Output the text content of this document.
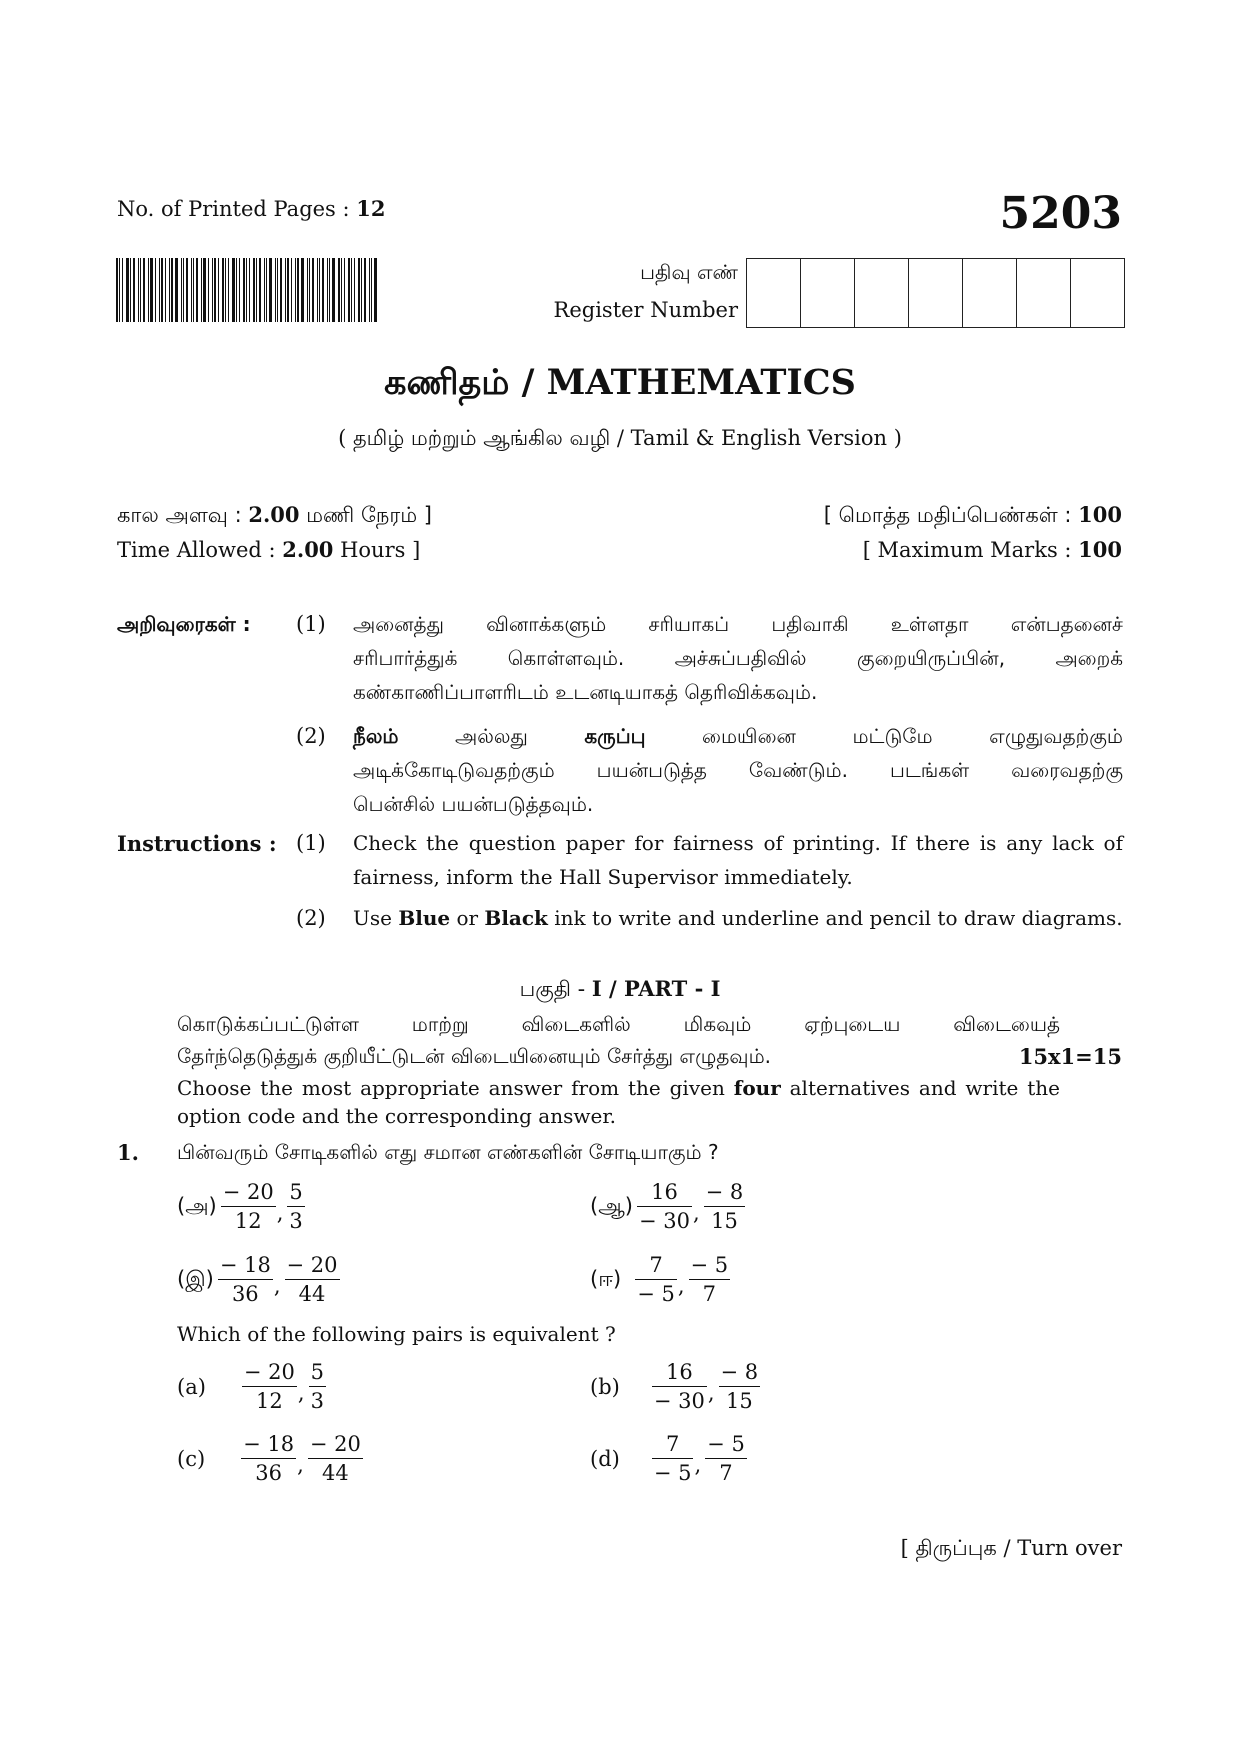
No. of Printed Pages : 12	5203
பதிவு எண்
Register Number
கணிதம் / MATHEMATICS
( தமிழ் மற்றும் ஆங்கில வழி / Tamil & English Version )
கால அளவு : 2.00 மணி நேரம் ]
Time Allowed : 2.00 Hours ]
[ மொத்த மதிப்பெண்கள் : 100
[ Maximum Marks : 100
அறிவுரைகள் : (1) அனைத்து வினாக்களும் சரியாகப் பதிவாகி உள்ளதா என்பதனைச்
சரிபார்த்துக் கொள்ளவும். அச்சுப்பதிவில் குறையிருப்பின், அறைக்
கண்காணிப்பாளரிடம் உடனடியாகத் தெரிவிக்கவும்.
(2) நீலம் அல்லது கருப்பு மையினை மட்டுமே எழுதுவதற்கும்
அடிக்கோடிடுவதற்கும் பயன்படுத்த வேண்டும். படங்கள் வரைவதற்கு
பென்சில் பயன்படுத்தவும்.
Instructions : (1) Check the question paper for fairness of printing. If there is any lack of
fairness, inform the Hall Supervisor immediately.
(2) Use Blue or Black ink to write and underline and pencil to draw diagrams.
பகுதி - I / PART - I
கொடுக்கப்பட்டுள்ள மாற்று விடைகளில் மிகவும் ஏற்புடைய விடையைத்
தேர்ந்தெடுத்துக் குறியீட்டுடன் விடையினையும் சேர்த்து எழுதவும்.	15x1=15
Choose the most appropriate answer from the given four alternatives and write the
option code and the corresponding answer.
1. பின்வரும் சோடிகளில் எது சமான எண்களின் சோடியாகும் ?
(அ) $\frac{- 20}{12}$ , $\frac{5}{3}$	(ஆ) $\frac{16}{- 30}$ , $\frac{- 8}{15}$
(இ) $\frac{- 18}{36}$ , $\frac{- 20}{44}$	(ஈ) $\frac{7}{- 5}$ , $\frac{- 5}{7}$
Which of the following pairs is equivalent ?
$(a) \frac{- 20}{12}$ , $\frac{5}{3}$	$(b) \frac{16}{- 30}$ , $\frac{- 8}{15}$
$(c) \frac{- 18}{36}$ , $\frac{- 20}{44}$	$(d) \frac{7}{- 5}$ , $\frac{- 5}{7}$
[ திருப்புக / Turn over
